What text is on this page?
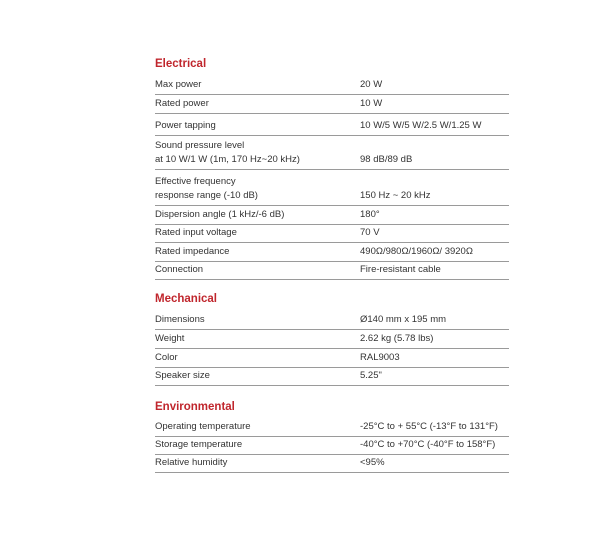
Electrical
Max power	20 W
Rated power	10 W
Power tapping	10 W/5 W/5 W/2.5 W/1.25 W
Sound pressure level
at 10 W/1 W (1m, 170 Hz~20 kHz)	98 dB/89 dB
Effective frequency
response range (-10 dB)	150 Hz ~ 20 kHz
Dispersion angle (1 kHz/-6 dB)	180°
Rated input voltage	70 V
Rated impedance	490Ω/980Ω/1960Ω/ 3920Ω
Connection	Fire-resistant cable
Mechanical
Dimensions	Ø140 mm x 195 mm
Weight	2.62 kg (5.78 lbs)
Color	RAL9003
Speaker size	5.25"
Environmental
Operating temperature	-25°C to + 55°C (-13°F to 131°F)
Storage temperature	-40°C to +70°C (-40°F to 158°F)
Relative humidity	<95%
